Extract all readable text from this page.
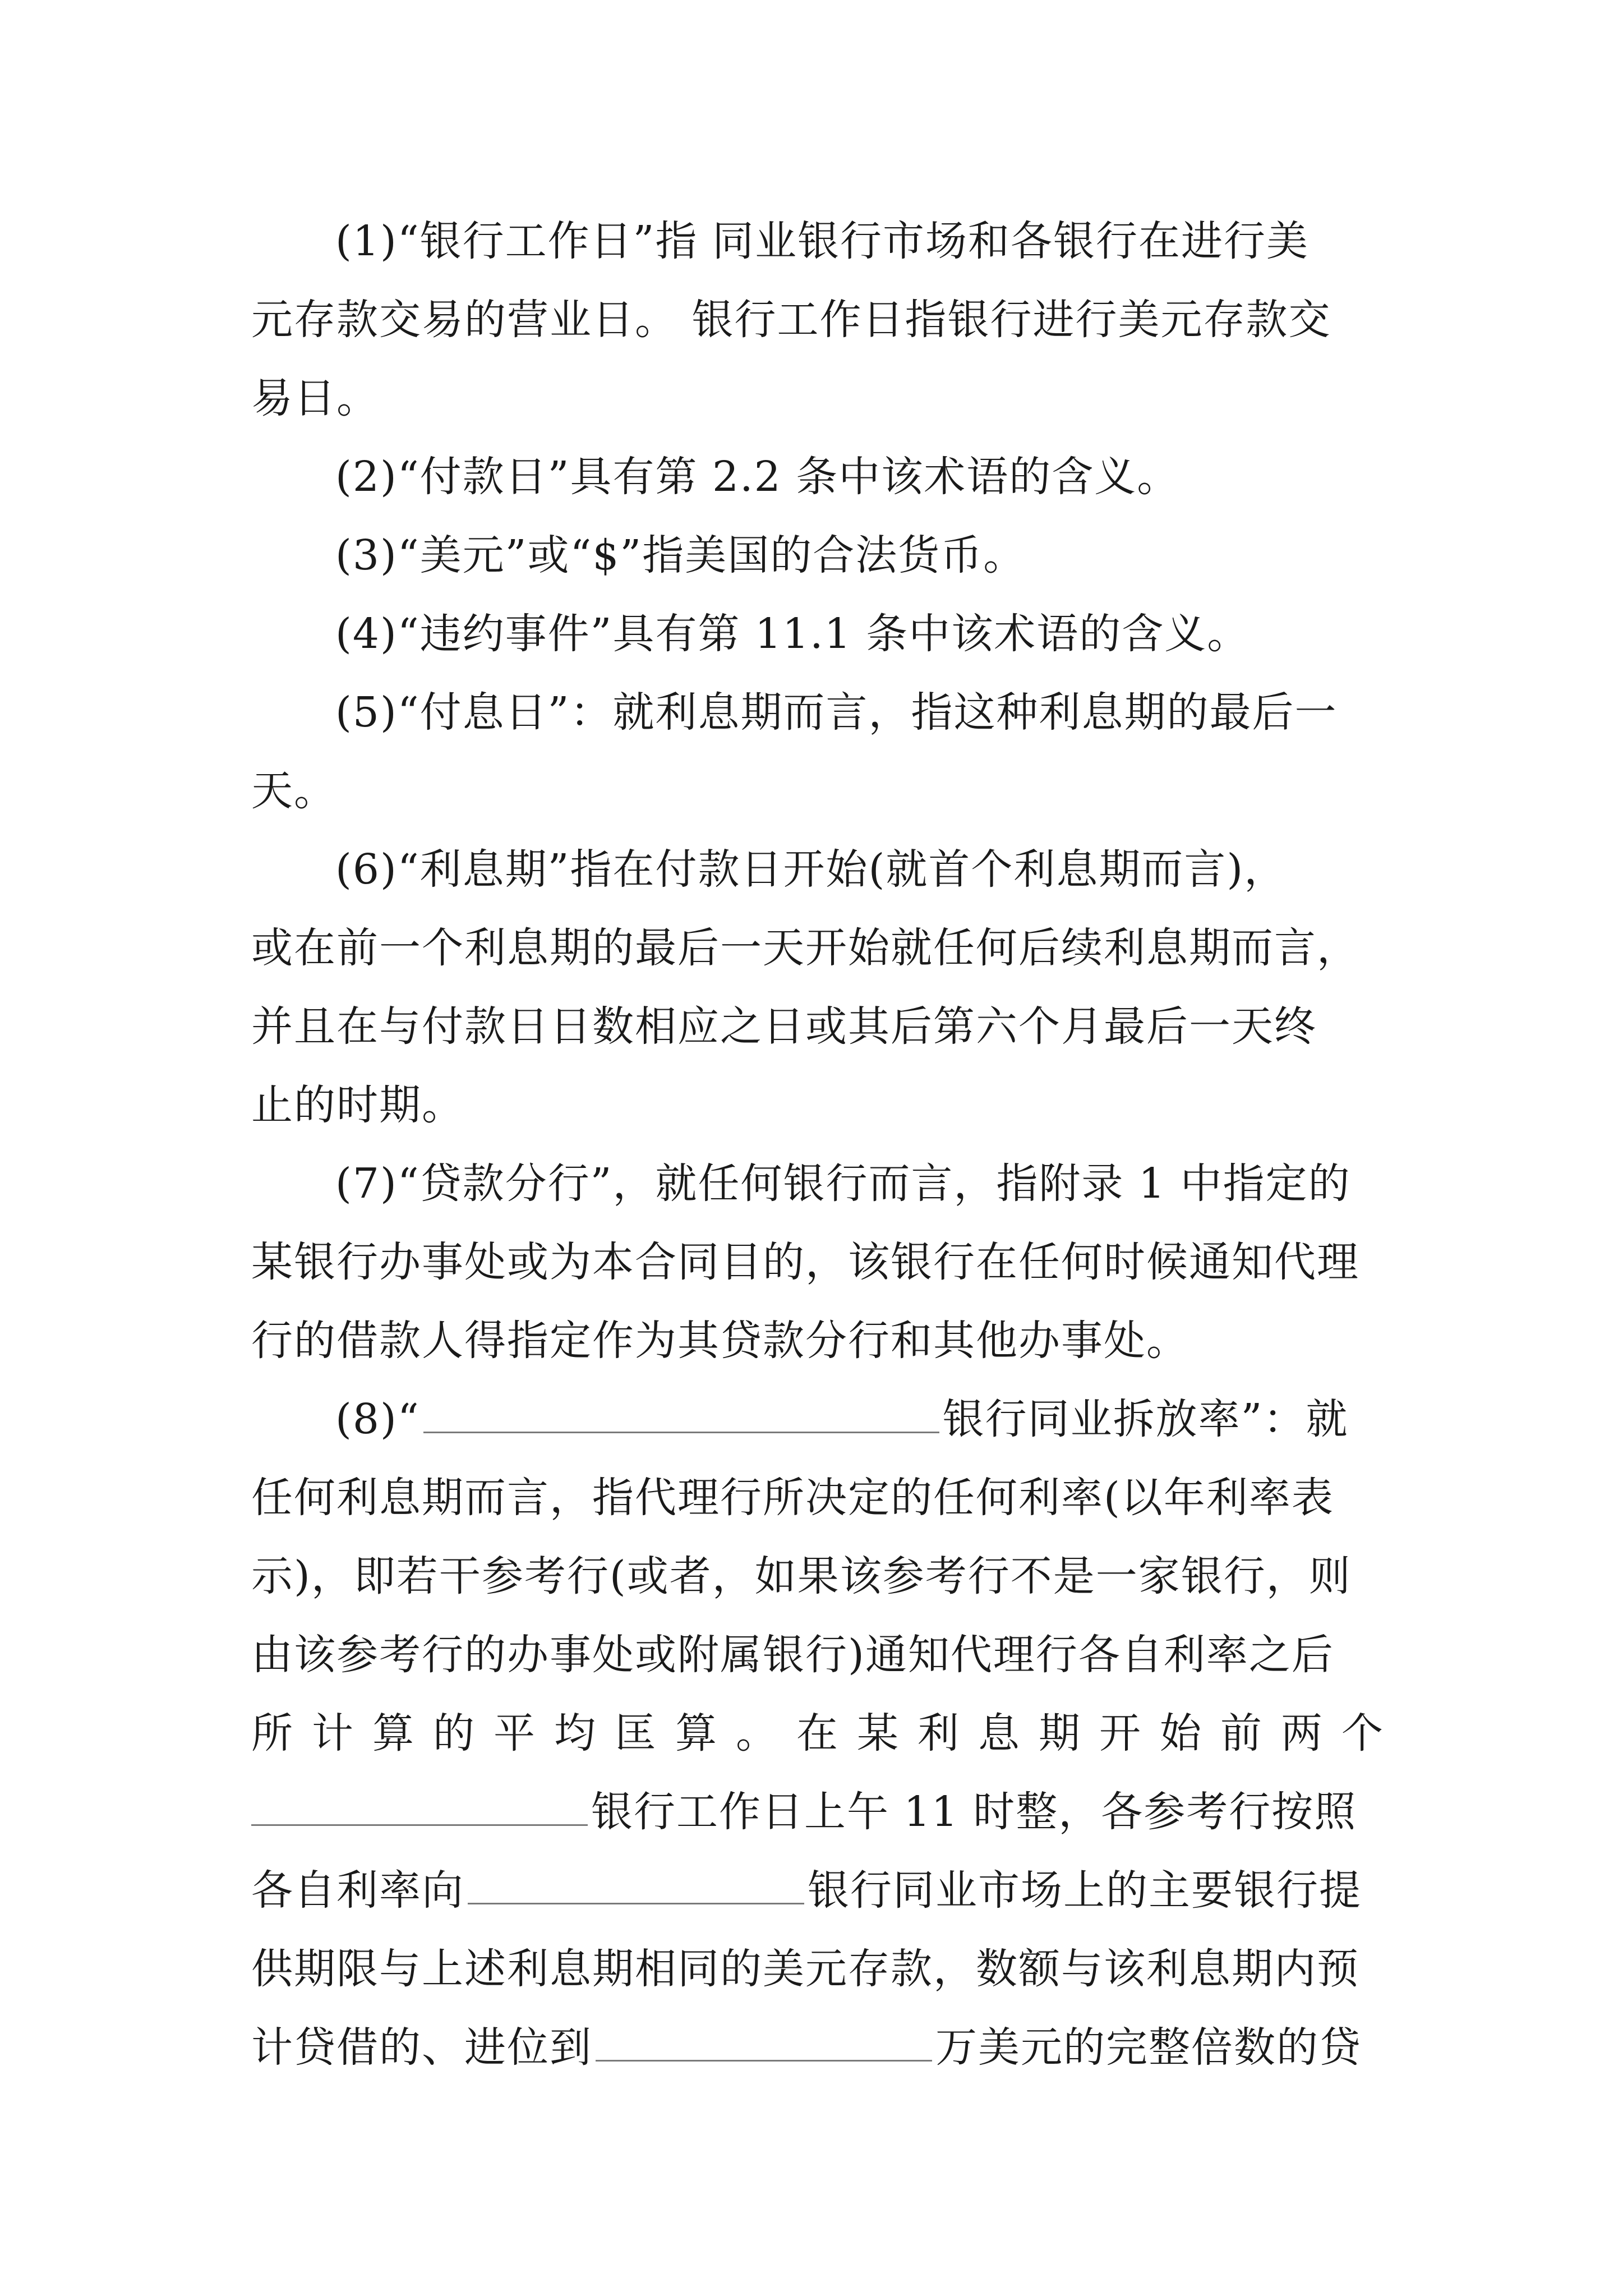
(1)“银行工作日”指 同业银行市场和各银行在进行美
元存款交易的营业日。 银行工作日指银行进行美元存款交
易日。
(2)“付款日”具有第 2.2 条中该术语的含义。
(3)“美元”或“$”指美国的合法货币。
(4)“违约事件”具有第 11.1 条中该术语的含义。
(5)“付息日”：就利息期而言，指这种利息期的最后一
天。
(6)“利息期”指在付款日开始(就首个利息期而言)，
或在前一个利息期的最后一天开始就任何后续利息期而言，
并且在与付款日日数相应之日或其后第六个月最后一天终
止的时期。
(7)“贷款分行”，就任何银行而言，指附录 1 中指定的
某银行办事处或为本合同目的，该银行在任何时候通知代理
行的借款人得指定作为其贷款分行和其他办事处。
(8)“	银行同业拆放率”：就
任何利息期而言，指代理行所决定的任何利率(以年利率表
示)，即若干参考行(或者，如果该参考行不是一家银行，则
由该参考行的办事处或附属银行)通知代理行各自利率之后
所 计 算 的 平 均 匡 算 。 在 某 利 息 期 开 始 前 两 个
银行工作日上午 11 时整，各参考行按照
各自利率向	银行同业市场上的主要银行提
供期限与上述利息期相同的美元存款，数额与该利息期内预
计贷借的、进位到	万美元的完整倍数的贷
